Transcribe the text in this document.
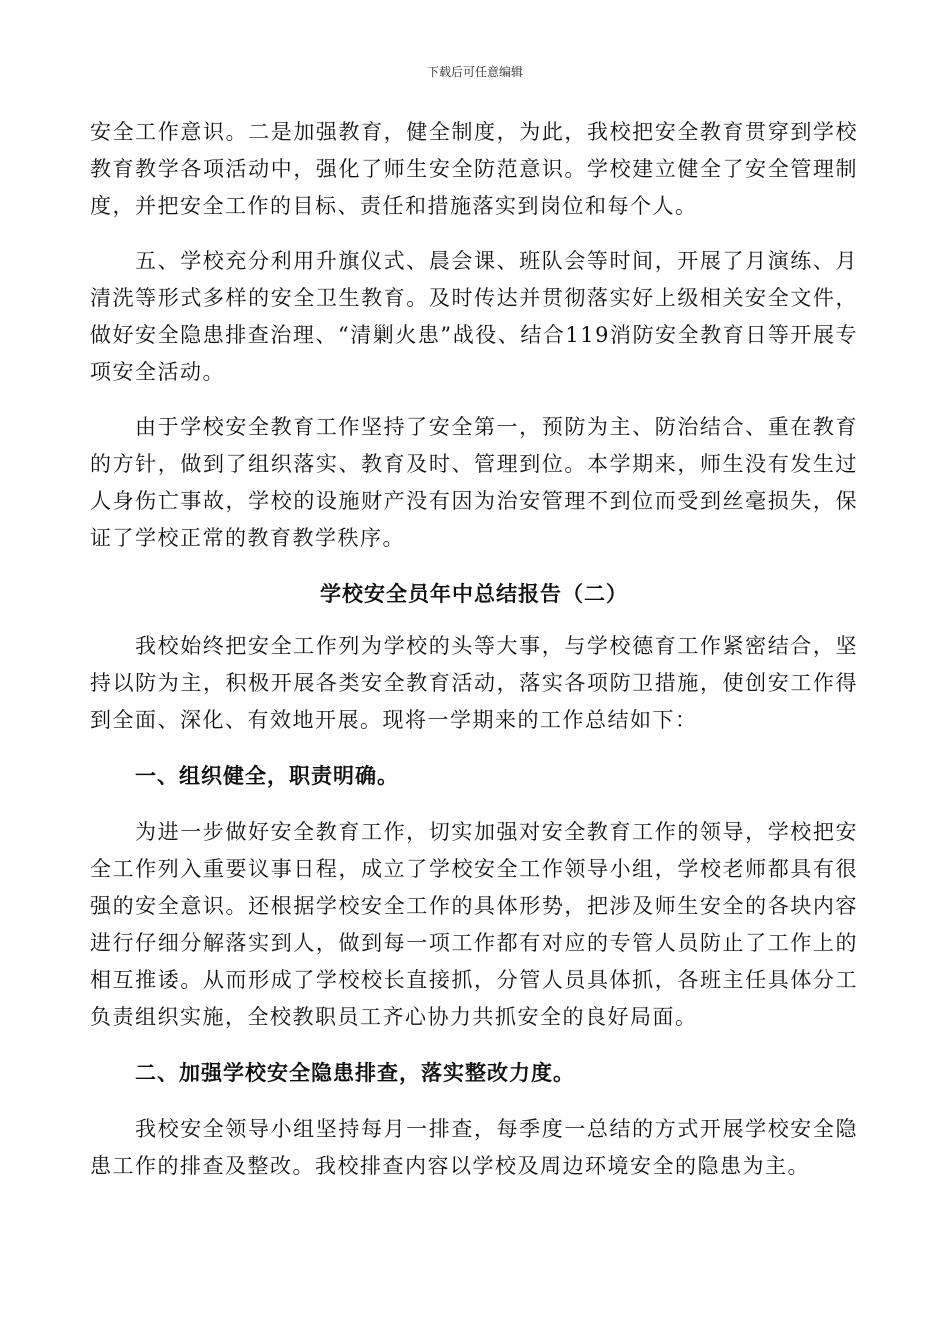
下载后可任意编辑

安全工作意识。二是加强教育，健全制度，为此，我校把安全教育贯穿到学校教育教学各项活动中，强化了师生安全防范意识。学校建立健全了安全管理制度，并把安全工作的目标、责任和措施落实到岗位和每个人。

五、学校充分利用升旗仪式、晨会课、班队会等时间，开展了月演练、月清洗等形式多样的安全卫生教育。及时传达并贯彻落实好上级相关安全文件，做好安全隐患排查治理、“清剿火患”战役、结合119消防安全教育日等开展专项安全活动。

由于学校安全教育工作坚持了安全第一，预防为主、防治结合、重在教育的方针，做到了组织落实、教育及时、管理到位。本学期来，师生没有发生过人身伤亡事故，学校的设施财产没有因为治安管理不到位而受到丝毫损失，保证了学校正常的教育教学秩序。

学校安全员年中总结报告（二）

我校始终把安全工作列为学校的头等大事，与学校德育工作紧密结合，坚持以防为主，积极开展各类安全教育活动，落实各项防卫措施，使创安工作得到全面、深化、有效地开展。现将一学期来的工作总结如下：

一、组织健全，职责明确。

为进一步做好安全教育工作，切实加强对安全教育工作的领导，学校把安全工作列入重要议事日程，成立了学校安全工作领导小组，学校老师都具有很强的安全意识。还根据学校安全工作的具体形势，把涉及师生安全的各块内容进行仔细分解落实到人，做到每一项工作都有对应的专管人员防止了工作上的相互推诿。从而形成了学校校长直接抓，分管人员具体抓，各班主任具体分工负责组织实施，全校教职员工齐心协力共抓安全的良好局面。

二、加强学校安全隐患排查，落实整改力度。

我校安全领导小组坚持每月一排查，每季度一总结的方式开展学校安全隐患工作的排查及整改。我校排查内容以学校及周边环境安全的隐患为主。
